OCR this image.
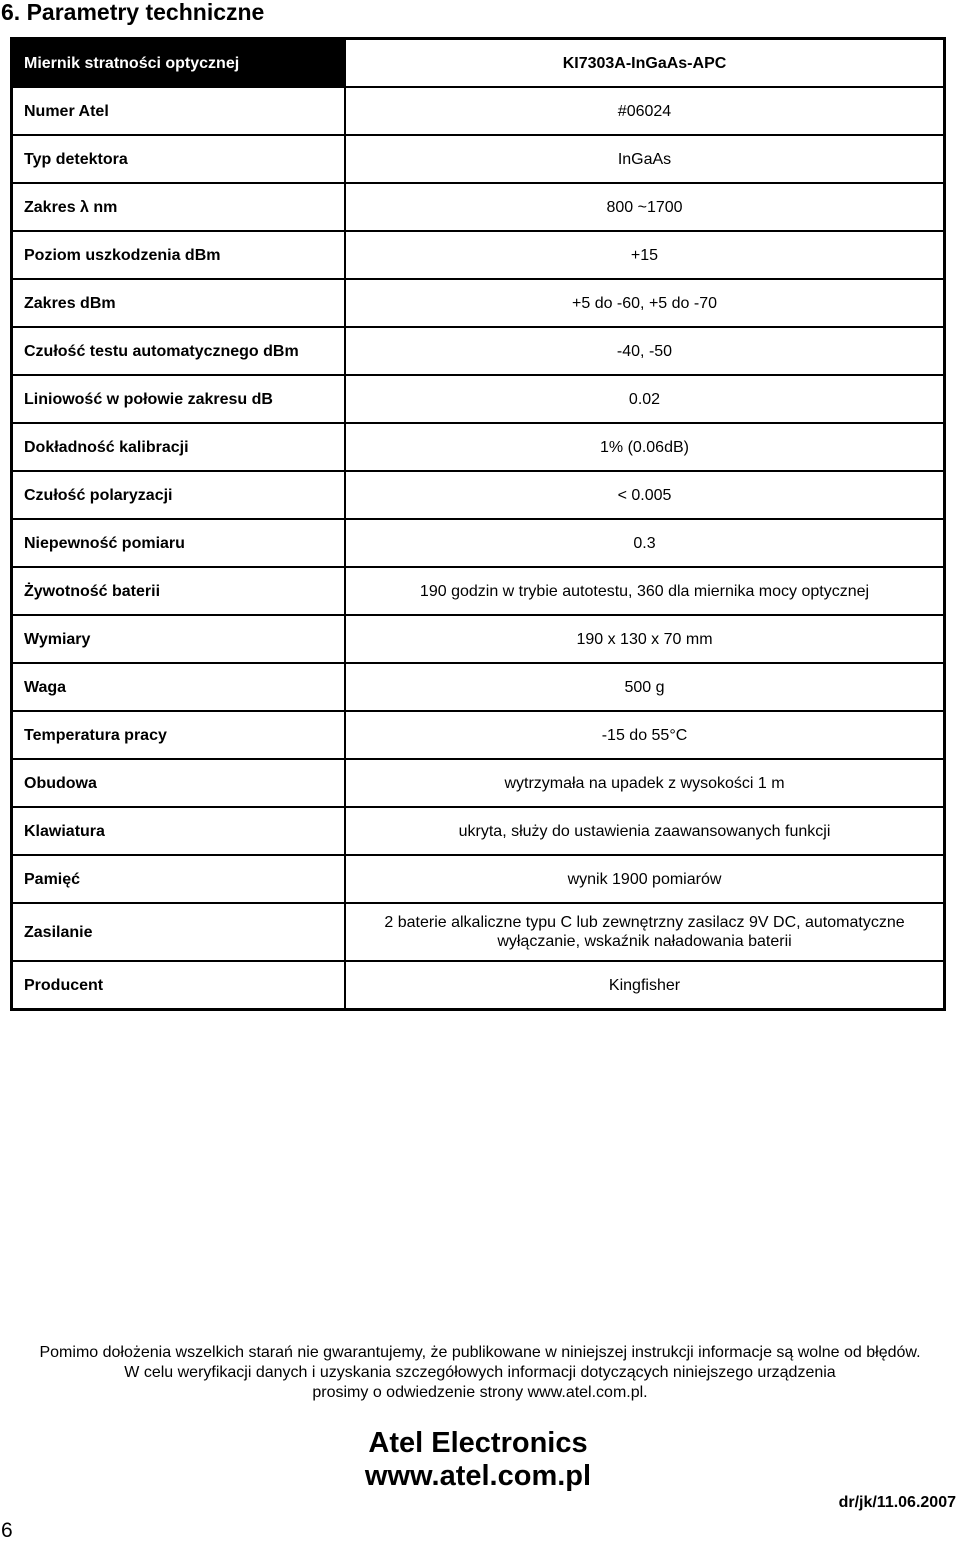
6. Parametry techniczne
Miernik stratności optycznej	KI7303A-InGaAs-APC
Numer Atel	#06024
Typ detektora	InGaAs
Zakres λ nm	800 ~1700
Poziom uszkodzenia dBm	+15
Zakres dBm	+5 do -60, +5 do -70
Czułość testu automatycznego dBm	-40, -50
Liniowość w połowie zakresu dB	0.02
Dokładność kalibracji	1% (0.06dB)
Czułość polaryzacji	< 0.005
Niepewność pomiaru	0.3
Żywotność baterii	190 godzin w trybie autotestu, 360 dla miernika mocy optycznej
Wymiary	190 x 130 x 70 mm
Waga	500 g
Temperatura pracy	-15 do 55°C
Obudowa	wytrzymała na upadek z wysokości 1 m
Klawiatura	ukryta, służy do ustawienia zaawansowanych funkcji
Pamięć	wynik 1900 pomiarów
Zasilanie	2 baterie alkaliczne typu C lub zewnętrzny zasilacz 9V DC, automatyczne wyłączanie, wskaźnik naładowania baterii
Producent	Kingfisher
Pomimo dołożenia wszelkich starań nie gwarantujemy, że publikowane w niniejszej instrukcji informacje są wolne od błędów.
W celu weryfikacji danych i uzyskania szczegółowych informacji dotyczących niniejszego urządzenia
prosimy o odwiedzenie strony www.atel.com.pl.
Atel Electronics
www.atel.com.pl
6
dr/jk/11.06.2007
